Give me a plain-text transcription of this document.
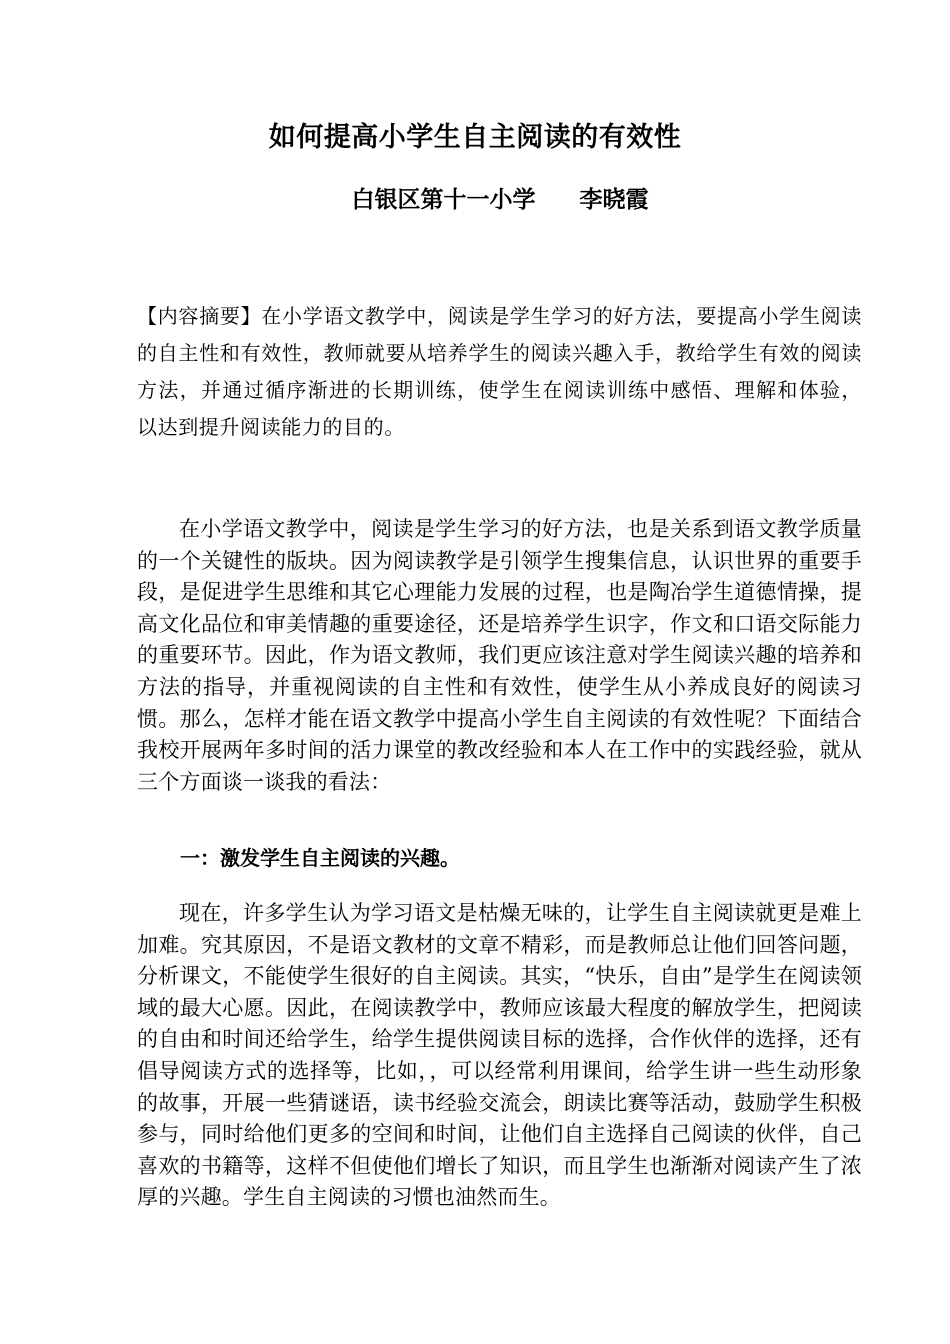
如何提高小学生自主阅读的有效性
白银区第十一小学 李晓霞
【内容摘要】在小学语文教学中，阅读是学生学习的好方法，要提高小学生阅读的自主性和有效性，教师就要从培养学生的阅读兴趣入手，教给学生有效的阅读方法，并通过循序渐进的长期训练，使学生在阅读训练中感悟、理解和体验， 以达到提升阅读能力的目的。

在小学语文教学中，阅读是学生学习的好方法，也是关系到语文教学质量的一个关键性的版块。因为阅读教学是引领学生搜集信息，认识世界的重要手段，是促进学生思维和其它心理能力发展的过程，也是陶冶学生道德情操，提高文化品位和审美情趣的重要途径，还是培养学生识字，作文和口语交际能力的重要环节。因此，作为语文教师，我们更应该注意对学生阅读兴趣的培养和方法的指导，并重视阅读的自主性和有效性，使学生从小养成良好的阅读习惯。那么，怎样才能在语文教学中提高小学生自主阅读的有效性呢？下面结合我校开展两年多时间的活力课堂的教改经验和本人在工作中的实践经验，就从三个方面谈一谈我的看法：

一：激发学生自主阅读的兴趣。

现在，许多学生认为学习语文是枯燥无味的，让学生自主阅读就更是难上加难。究其原因，不是语文教材的文章不精彩，而是教师总让他们回答问题，分析课文，不能使学生很好的自主阅读。其实，“快乐，自由”是学生在阅读领域的最大心愿。因此，在阅读教学中，教师应该最大程度的解放学生，把阅读的自由和时间还给学生，给学生提供阅读目标的选择，合作伙伴的选择，还有倡导阅读方式的选择等，比如，，可以经常利用课间，给学生讲一些生动形象的故事，开展一些猜谜语，读书经验交流会，朗读比赛等活动，鼓励学生积极参与，同时给他们更多的空间和时间，让他们自主选择自己阅读的伙伴，自己喜欢的书籍等，这样不但使他们增长了知识，而且学生也渐渐对阅读产生了浓厚的兴趣。学生自主阅读的习惯也油然而生。
